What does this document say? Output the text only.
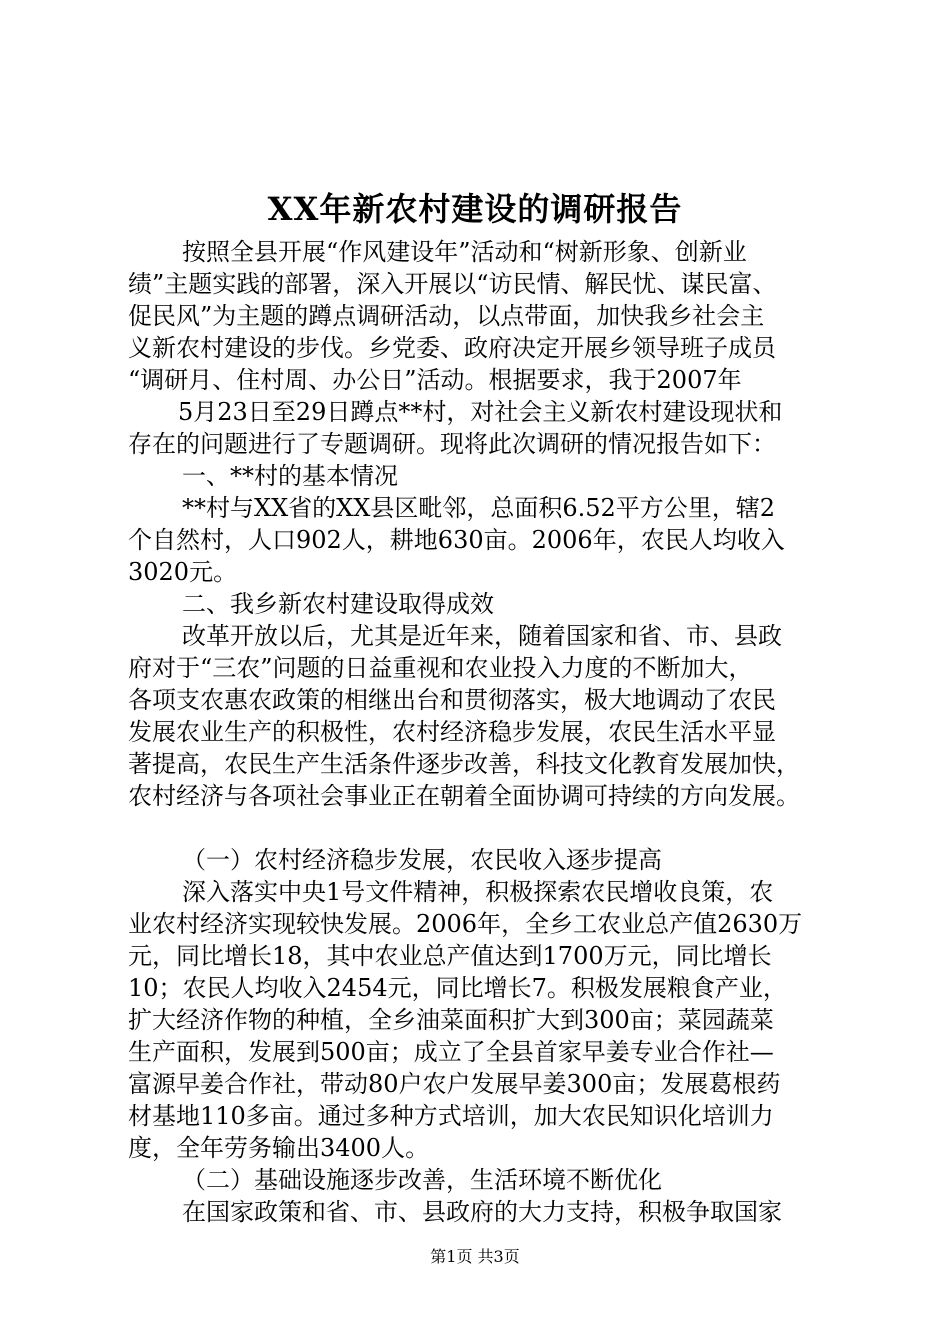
XX年新农村建设的调研报告
按照全县开展“作风建设年”活动和“树新形象、创新业
绩”主题实践的部署，深入开展以“访民情、解民忧、谋民富、
促民风”为主题的蹲点调研活动，以点带面，加快我乡社会主
义新农村建设的步伐。乡党委、政府决定开展乡领导班子成员
“调研月、住村周、办公日”活动。根据要求，我于2007年
5月23日至29日蹲点**村，对社会主义新农村建设现状和
存在的问题进行了专题调研。现将此次调研的情况报告如下：
一、**村的基本情况
**村与XX省的XX县区毗邻，总面积6.52平方公里，辖2
个自然村，人口902人，耕地630亩。2006年，农民人均收入
3020元。
二、我乡新农村建设取得成效
改革开放以后，尤其是近年来，随着国家和省、市、县政
府对于“三农”问题的日益重视和农业投入力度的不断加大，
各项支农惠农政策的相继出台和贯彻落实，极大地调动了农民
发展农业生产的积极性，农村经济稳步发展，农民生活水平显
著提高，农民生产生活条件逐步改善，科技文化教育发展加快，
农村经济与各项社会事业正在朝着全面协调可持续的方向发展。
（一）农村经济稳步发展，农民收入逐步提高
深入落实中央1号文件精神，积极探索农民增收良策，农
业农村经济实现较快发展。2006年，全乡工农业总产值2630万
元，同比增长18，其中农业总产值达到1700万元，同比增长
10；农民人均收入2454元，同比增长7。积极发展粮食产业，
扩大经济作物的种植，全乡油菜面积扩大到300亩；菜园蔬菜
生产面积，发展到500亩；成立了全县首家早姜专业合作社—
富源早姜合作社，带动80户农户发展早姜300亩；发展葛根药
材基地110多亩。通过多种方式培训，加大农民知识化培训力
度，全年劳务输出3400人。
（二）基础设施逐步改善，生活环境不断优化
在国家政策和省、市、县政府的大力支持，积极争取国家
第1页 共3页
